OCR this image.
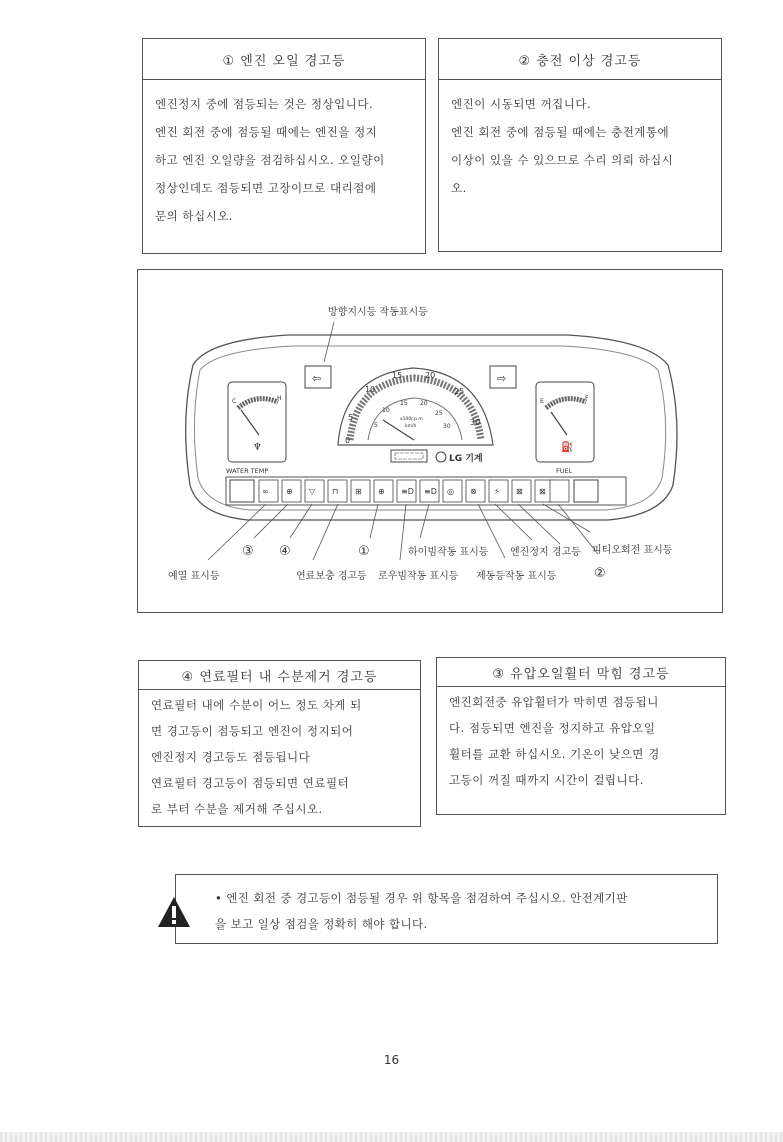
① 엔진 오일 경고등
엔진정지 중에 점등되는 것은 정상입니다.
엔진 회전 중에 점등될 때에는 엔진을 정지
하고 엔진 오일량을 점검하십시오. 오일량이
정상인데도 점등되면 고장이므로 대리점에
문의 하십시오.
② 충전 이상 경고등
엔진이 시동되면 꺼집니다.
엔진 회전 중에 점등될 때에는 충전계통에
이상이 있을 수 있으므로 수리 의뢰 하십시
오.
방향지시등 작동표시등
⇦	⇨
0
5
10
15	20
25
30
5
10
15 20
25
30
x100r.p.m
km/h
LG 기계
C	H
♆
WATER TEMP
E	F
⛽
FUEL
∞ ⊕ ▽ ⊓ ⊞ ⊕ ≡D ≡D ◎ ⊗ ⚡ ⊠ ⊠
예열 표시등
③ ④
연료보충 경고등
①
로우빔작동 표시등
하이빔작동 표시등
제동등작동 표시등
엔진정지 경고등 피티오회전 표시등
②
④ 연료필터 내 수분제거 경고등
연료필터 내에 수분이 어느 정도 차게 되
면 경고등이 점등되고 엔진이 정지되어
엔진정지 경고등도 점등됩니다
연료필터 경고등이 점등되면 연료필터
로 부터 수분을 제거해 주십시오.
③ 유압오일휠터 막힘 경고등
엔진회전중 유압휠터가 막히면 점등됩니
다. 점등되면 엔진을 정지하고 유압오일
휠터를 교환 하십시오. 기온이 낮으면 경
고등이 꺼질 때까지 시간이 걸립니다.
• 엔진 회전 중 경고등이 점등될 경우 위 항목을 점검하여 주십시오. 안전계기판
을 보고 일상 점검을 정확히 해야 합니다.
16
